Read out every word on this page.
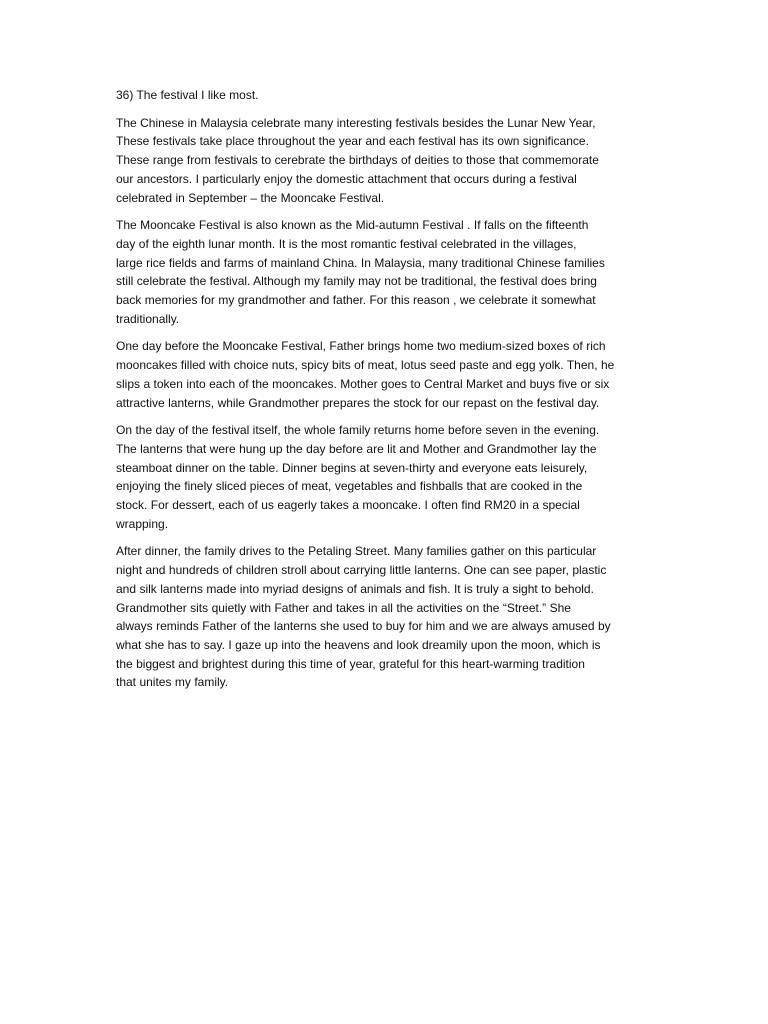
36) The festival I like most.
The Chinese in Malaysia celebrate many interesting festivals besides the Lunar New Year,
These festivals take place throughout the year and each festival has its own significance.
These range from festivals to cerebrate the birthdays of deities to those that commemorate
our ancestors. I particularly enjoy the domestic attachment that occurs during a festival
celebrated in September – the Mooncake Festival.
The Mooncake Festival is also known as the Mid-autumn Festival . If falls on the fifteenth
day of the eighth lunar month. It is the most romantic festival celebrated in the villages,
large rice fields and farms of mainland China. In Malaysia, many traditional Chinese families
still celebrate the festival. Although my family may not be traditional, the festival does bring
back memories for my grandmother and father. For this reason , we celebrate it somewhat
traditionally.
One day before the Mooncake Festival, Father brings home two medium-sized boxes of rich
mooncakes filled with choice nuts, spicy bits of meat, lotus seed paste and egg yolk. Then, he
slips a token into each of the mooncakes. Mother goes to Central Market and buys five or six
attractive lanterns, while Grandmother prepares the stock for our repast on the festival day.
On the day of the festival itself, the whole family returns home before seven in the evening.
The lanterns that were hung up the day before are lit and Mother and Grandmother lay the
steamboat dinner on the table. Dinner begins at seven-thirty and everyone eats leisurely,
enjoying the finely sliced pieces of meat, vegetables and fishballs that are cooked in the
stock. For dessert, each of us eagerly takes a mooncake. I often find RM20 in a special
wrapping.
After dinner, the family drives to the Petaling Street. Many families gather on this particular
night and hundreds of children stroll about carrying little lanterns. One can see paper, plastic
and silk lanterns made into myriad designs of animals and fish. It is truly a sight to behold.
Grandmother sits quietly with Father and takes in all the activities on the “Street.” She
always reminds Father of the lanterns she used to buy for him and we are always amused by
what she has to say. I gaze up into the heavens and look dreamily upon the moon, which is
the biggest and brightest during this time of year, grateful for this heart-warming tradition
that unites my family.
